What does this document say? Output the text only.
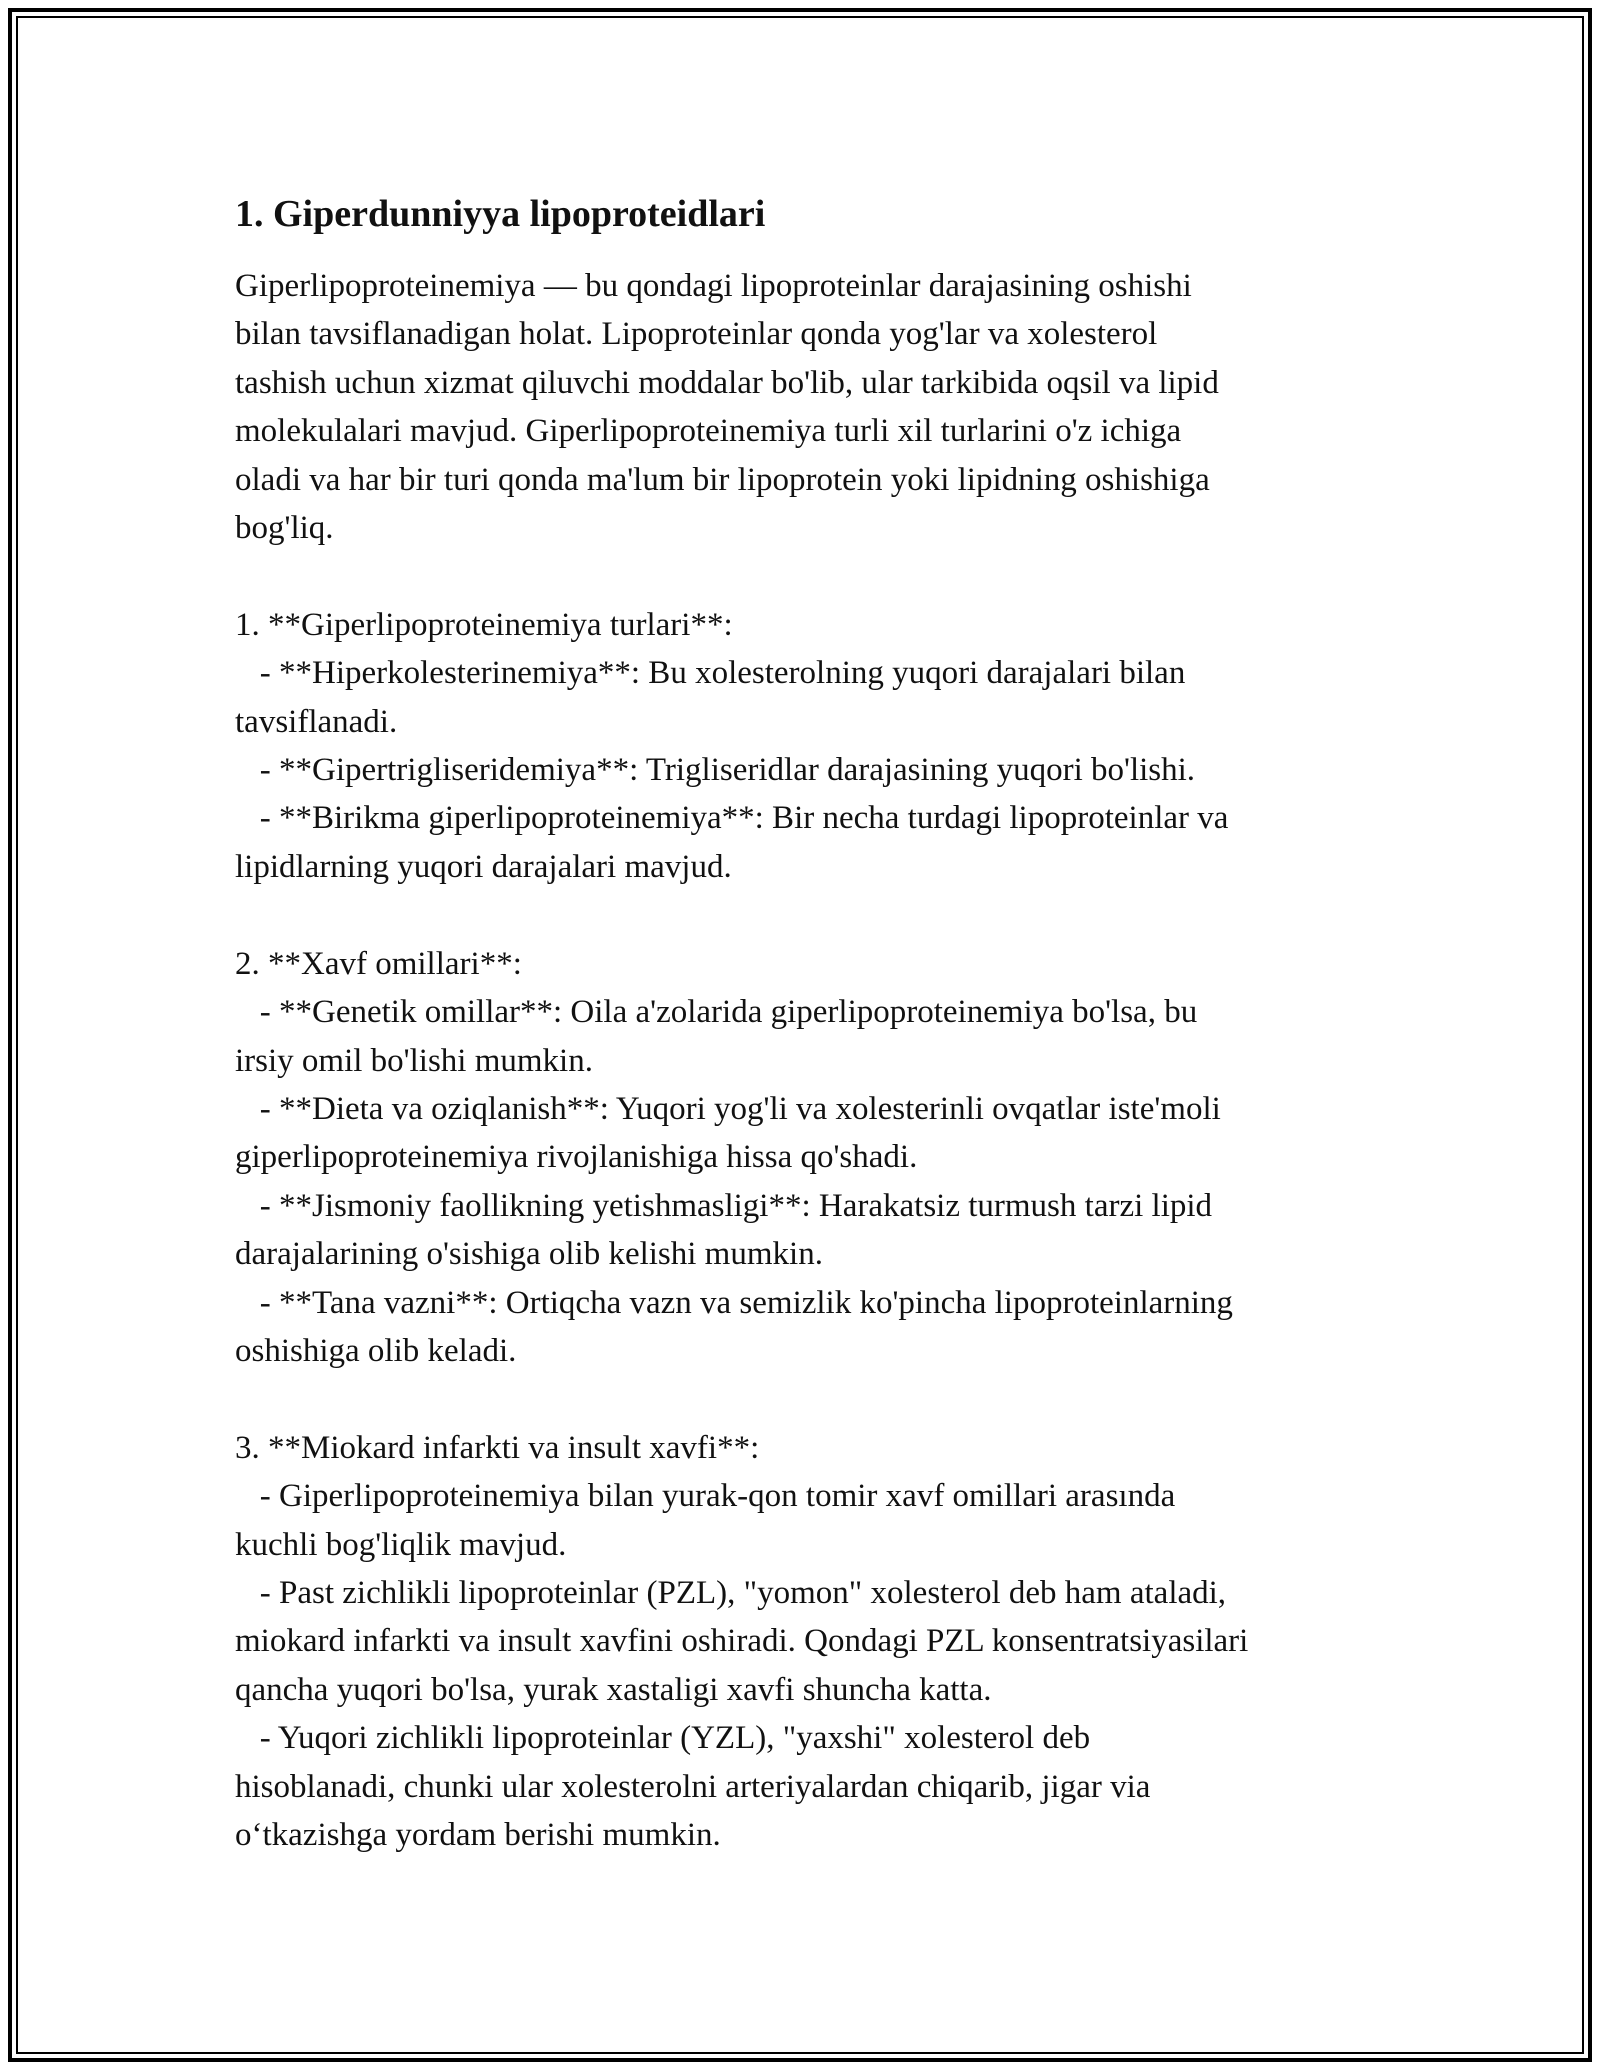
1. Giperdunniyya lipoproteidlari

Giperlipoproteinemiya — bu qondagi lipoproteinlar darajasining oshishi
bilan tavsiflanadigan holat. Lipoproteinlar qonda yog'lar va xolesterol
tashish uchun xizmat qiluvchi moddalar bo'lib, ular tarkibida oqsil va lipid
molekulalari mavjud. Giperlipoproteinemiya turli xil turlarini o'z ichiga
oladi va har bir turi qonda ma'lum bir lipoprotein yoki lipidning oshishiga
bog'liq.

1. **Giperlipoproteinemiya turlari**:
- **Hiperkolesterinemiya**: Bu xolesterolning yuqori darajalari bilan
tavsiflanadi.
- **Gipertrigliseridemiya**: Trigliseridlar darajasining yuqori bo'lishi.
- **Birikma giperlipoproteinemiya**: Bir necha turdagi lipoproteinlar va
lipidlarning yuqori darajalari mavjud.

2. **Xavf omillari**:
- **Genetik omillar**: Oila a'zolarida giperlipoproteinemiya bo'lsa, bu
irsiy omil bo'lishi mumkin.
- **Dieta va oziqlanish**: Yuqori yog'li va xolesterinli ovqatlar iste'moli
giperlipoproteinemiya rivojlanishiga hissa qo'shadi.
- **Jismoniy faollikning yetishmasligi**: Harakatsiz turmush tarzi lipid
darajalarining o'sishiga olib kelishi mumkin.
- **Tana vazni**: Ortiqcha vazn va semizlik ko'pincha lipoproteinlarning
oshishiga olib keladi.

3. **Miokard infarkti va insult xavfi**:
- Giperlipoproteinemiya bilan yurak-qon tomir xavf omillari arasında
kuchli bog'liqlik mavjud.
- Past zichlikli lipoproteinlar (PZL), "yomon" xolesterol deb ham ataladi,
miokard infarkti va insult xavfini oshiradi. Qondagi PZL konsentratsiyasilari
qancha yuqori bo'lsa, yurak xastaligi xavfi shuncha katta.
- Yuqori zichlikli lipoproteinlar (YZL), "yaxshi" xolesterol deb
hisoblanadi, chunki ular xolesterolni arteriyalardan chiqarib, jigar via
o‘tkazishga yordam berishi mumkin.
